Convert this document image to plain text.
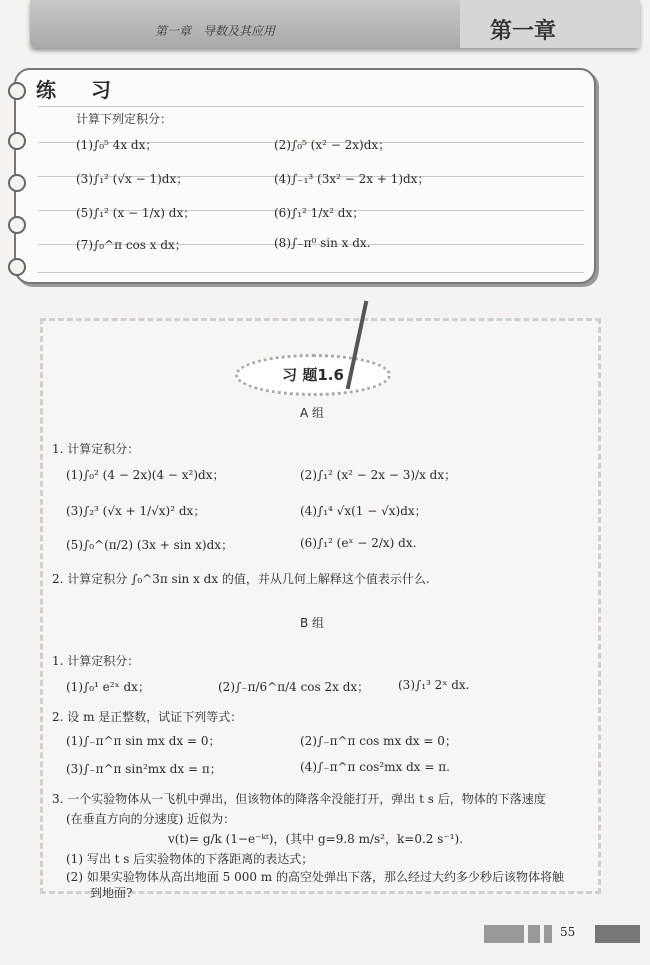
第一章　导数及其应用	第一章
练 习
计算下列定积分：
(1)∫₀⁵ 4x dx；	(2)∫₀⁵ (x² − 2x)dx；
(3)∫₁² (√x − 1)dx；	(4)∫₋₁³ (3x² − 2x + 1)dx；
(5)∫₁² (x − 1/x) dx；	(6)∫₁² 1/x² dx；
(7)∫₀^π cos x dx；	(8)∫₋π⁰ sin x dx.
习 题1.6
A 组
1. 计算定积分：
(1)∫₀² (4 − 2x)(4 − x²)dx；	(2)∫₁² (x² − 2x − 3)/x dx；
(3)∫₂³ (√x + 1/√x)² dx；	(4)∫₁⁴ √x(1 − √x)dx；
(5)∫₀^(π/2) (3x + sin x)dx；	(6)∫₁² (eˣ − 2/x) dx.
2. 计算定积分 ∫₀^3π sin x dx 的值，并从几何上解释这个值表示什么.
B 组
1. 计算定积分：
(1)∫₀¹ e²ˣ dx；	(2)∫₋π/6^π/4 cos 2x dx； (3)∫₁³ 2ˣ dx.
2. 设 m 是正整数，试证下列等式：
(1)∫₋π^π sin mx dx = 0；	(2)∫₋π^π cos mx dx = 0；
(3)∫₋π^π sin²mx dx = π；	(4)∫₋π^π cos²mx dx = π.
3. 一个实验物体从一飞机中弹出，但该物体的降落伞没能打开，弹出 t s 后，物体的下落速度
(在垂直方向的分速度) 近似为：
v(t)= g/k (1−e⁻ᵏᵗ)，(其中 g=9.8 m/s²，k=0.2 s⁻¹).
(1) 写出 t s 后实验物体的下落距离的表达式；
(2) 如果实验物体从高出地面 5 000 m 的高空处弹出下落，那么经过大约多少秒后该物体将触
到地面?
55
